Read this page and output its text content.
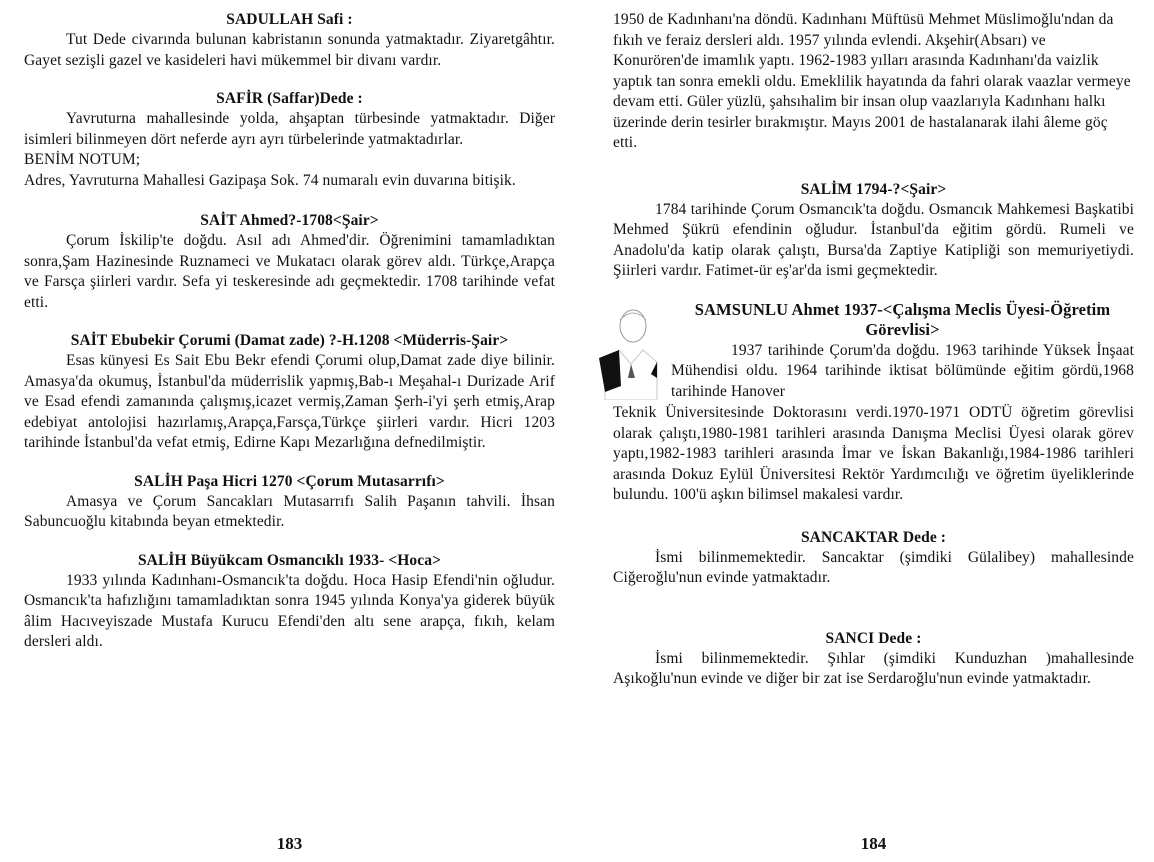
SADULLAH Safi :

Tut Dede civarında bulunan kabristanın sonunda yatmaktadır. Ziyaretgâhtır. Gayet sezişli gazel ve kasideleri havi mükemmel bir divanı vardır.

SAFİR (Saffar)Dede :

Yavruturna mahallesinde yolda, ahşaptan türbesinde yatmaktadır. Diğer isimleri bilinmeyen dört neferde ayrı ayrı türbelerinde yatmaktadırlar.

BENİM NOTUM;

Adres, Yavruturna Mahallesi Gazipaşa Sok. 74 numaralı evin duvarına bitişik.

SAİT Ahmed?-1708<Şair>

Çorum İskilip'te doğdu. Asıl adı Ahmed'dir. Öğrenimini tamamladıktan sonra,Şam Hazinesinde Ruznameci ve Mukatacı olarak görev aldı. Türkçe,Arapça ve Farsça şiirleri vardır. Sefa yi teskeresinde adı geçmektedir. 1708 tarihinde vefat etti.

SAİT Ebubekir Çorumi (Damat zade) ?-H.1208 <Müderris-Şair>

Esas künyesi Es Sait Ebu Bekr efendi Çorumi olup,Damat zade diye bilinir. Amasya'da okumuş, İstanbul'da müderrislik yapmış,Bab-ı Meşahal-ı Durizade Arif ve Esad efendi zamanında çalışmış,icazet vermiş,Zaman Şerh-i'yi şerh etmiş,Arap edebiyat antolojisi hazırlamış,Arapça,Farsça,Türkçe şiirleri vardır. Hicri 1203 tarihinde İstanbul'da vefat etmiş, Edirne Kapı Mezarlığına defnedilmiştir.

SALİH Paşa Hicri 1270 <Çorum Mutasarrıfı>

Amasya ve Çorum Sancakları Mutasarrıfı Salih Paşanın tahvili. İhsan Sabuncuoğlu kitabında beyan etmektedir.

SALİH Büyükcam Osmancıklı 1933- <Hoca>

1933 yılında Kadınhanı-Osmancık'ta doğdu. Hoca Hasip Efendi'nin oğludur. Osmancık'ta hafızlığını tamamladıktan sonra 1945 yılında Konya'ya giderek büyük âlim Hacıveyiszade Mustafa Kurucu Efendi'den altı sene arapça, fıkıh, kelam dersleri aldı.

183

1950 de Kadınhanı'na döndü. Kadınhanı Müftüsü Mehmet Müslimoğlu'ndan da fıkıh ve feraiz dersleri aldı. 1957 yılında evlendi. Akşehir(Absarı) ve Konurören'de imamlık yaptı. 1962-1983 yılları arasında Kadınhanı'da vaizlik yaptık tan sonra emekli oldu. Emeklilik hayatında da fahri olarak vaazlar vermeye devam etti. Güler yüzlü, şahsıhalim bir insan olup vaazlarıyla Kadınhanı halkı üzerinde derin tesirler bırakmıştır. Mayıs 2001 de hastalanarak ilahi âleme göç etti.

SALİM 1794-?<Şair>

1784 tarihinde Çorum Osmancık'ta doğdu. Osmancık Mahkemesi Başkatibi Mehmed Şükrü efendinin oğludur. İstanbul'da eğitim gördü. Rumeli ve Anadolu'da katip olarak çalıştı, Bursa'da Zaptiye Katipliği son memuriyetiydi. Şiirleri vardır. Fatimet-ür eş'ar'da ismi geçmektedir.

SAMSUNLU Ahmet 1937-<Çalışma Meclis Üyesi-Öğretim Görevlisi>

1937 tarihinde Çorum'da doğdu. 1963 tarihinde Yüksek İnşaat Mühendisi oldu. 1964 tarihinde iktisat bölümünde eğitim gördü,1968 tarihinde Hanover

Teknik Üniversitesinde Doktorasını verdi.1970-1971 ODTÜ öğretim görevlisi olarak çalıştı,1980-1981 tarihleri arasında Danışma Meclisi Üyesi olarak görev yaptı,1982-1983 tarihleri arasında İmar ve İskan Bakanlığı,1984-1986 tarihleri arasında Dokuz Eylül Üniversitesi Rektör Yardımcılığı ve öğretim üyeliklerinde bulundu. 100'ü aşkın bilimsel makalesi vardır.

SANCAKTAR Dede :

İsmi bilinmemektedir. Sancaktar (şimdiki Gülalibey) mahallesinde Ciğeroğlu'nun evinde yatmaktadır.

SANCI Dede :

İsmi bilinmemektedir. Şıhlar (şimdiki Kunduzhan )mahallesinde Aşıkoğlu'nun evinde ve diğer bir zat ise Serdaroğlu'nun evinde yatmaktadır.

184
